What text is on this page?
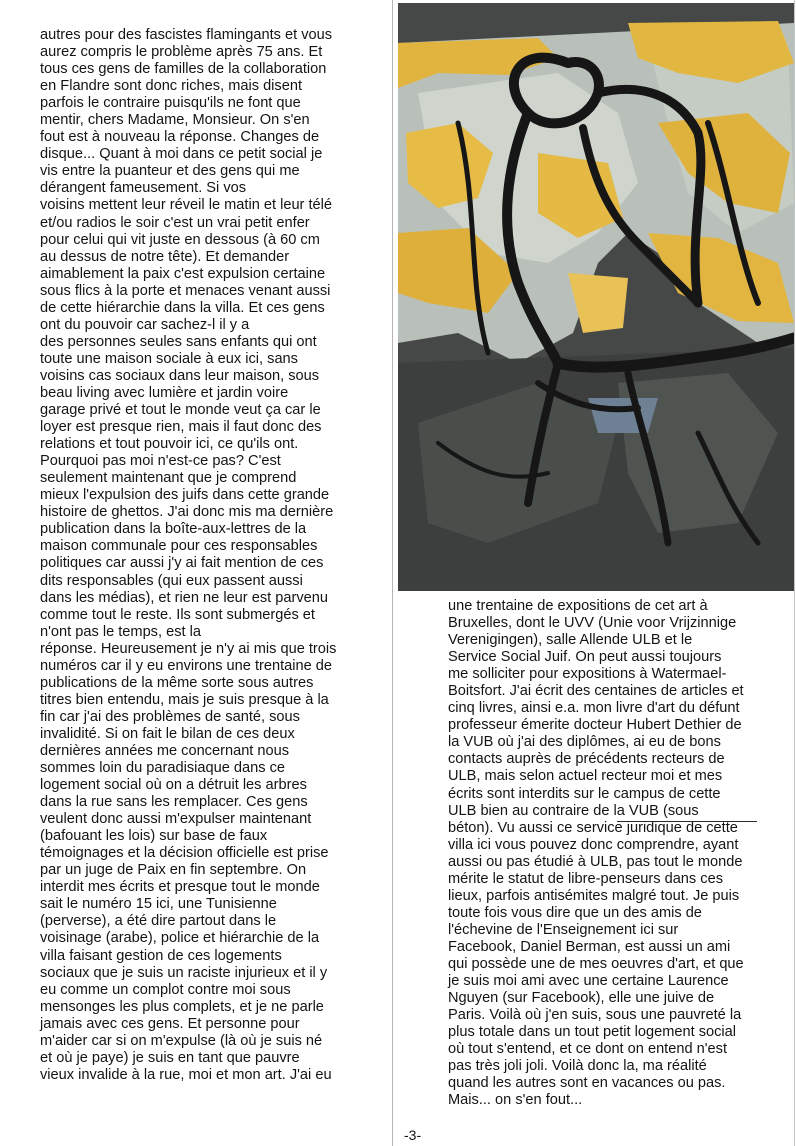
autres pour des fascistes flamingants et vous
aurez compris le problème après 75 ans. Et
tous ces gens de familles de la collaboration
en Flandre sont donc riches, mais disent
parfois le contraire puisqu'ils ne font que
mentir, chers Madame, Monsieur. On s'en
fout est à nouveau la réponse. Changes de
disque... Quant à moi dans ce petit social je
vis entre la puanteur et des gens qui me
dérangent fameusement. Si vos
voisins mettent leur réveil le matin et leur télé
et/ou radios le soir c'est un vrai petit enfer
pour celui qui vit juste en dessous (à 60 cm
au dessus de notre tête). Et demander
aimablement la paix c'est expulsion certaine
sous flics à la porte et menaces venant aussi
de cette hiérarchie dans la villa. Et ces gens
ont du pouvoir car sachez-l il y a
des personnes seules sans enfants qui ont
toute une maison sociale à eux ici, sans
voisins cas sociaux dans leur maison, sous
beau living avec lumière et jardin voire
garage privé et tout le monde veut ça car le
loyer est presque rien, mais il faut donc des
relations et tout pouvoir ici, ce qu'ils ont.
Pourquoi pas moi n'est-ce pas? C'est
seulement maintenant que je comprend
mieux l'expulsion des juifs dans cette grande
histoire de ghettos. J'ai donc mis ma dernière
publication dans la boîte-aux-lettres de la
maison communale pour ces responsables
politiques car aussi j'y ai fait mention de ces
dits responsables (qui eux passent aussi
dans les médias), et rien ne leur est parvenu
comme tout le reste. Ils sont submergés et
n'ont pas le temps, est la
réponse. Heureusement je n'y ai mis que trois
numéros car il y eu environs une trentaine de
publications de la même sorte sous autres
titres bien entendu, mais je suis presque à la
fin car j'ai des problèmes de santé, sous
invalidité. Si on fait le bilan de ces deux
dernières années me concernant nous
sommes loin du paradisiaque dans ce
logement social où on a détruit les arbres
dans la rue sans les remplacer. Ces gens
veulent donc aussi m'expulser maintenant
(bafouant les lois) sur base de faux
témoignages et la décision officielle est prise
par un juge de Paix en fin septembre. On
interdit mes écrits et presque tout le monde
sait le numéro 15 ici, une Tunisienne
(perverse), a été dire partout dans le
voisinage (arabe), police et hiérarchie de la
villa faisant gestion de ces logements
sociaux que je suis un raciste injurieux et il y
eu comme un complot contre moi sous
mensonges les plus complets, et je ne parle
jamais avec ces gens. Et personne pour
m'aider car si on m'expulse (là où je suis né
et où je paye) je suis en tant que pauvre
vieux invalide à la rue, moi et mon art. J'ai eu
une trentaine de expositions de cet art à
Bruxelles, dont le UVV (Unie voor Vrijzinnige
Verenigingen), salle Allende ULB et le
Service Social Juif. On peut aussi toujours
me solliciter pour expositions à Watermael-
Boitsfort. J'ai écrit des centaines de articles et
cinq livres, ainsi e.a. mon livre d'art du défunt
professeur émerite docteur Hubert Dethier de
la VUB où j'ai des diplômes, ai eu de bons
contacts auprès de précédents recteurs de
ULB, mais selon actuel recteur moi et mes
écrits sont interdits sur le campus de cette
ULB bien au contraire de la VUB (sous
béton). Vu aussi ce service juridique de cette
villa ici vous pouvez donc comprendre, ayant
aussi ou pas étudié à ULB, pas tout le monde
mérite le statut de libre-penseurs dans ces
lieux, parfois antisémites malgré tout. Je puis
toute fois vous dire que un des amis de
l'échevine de l'Enseignement ici sur
Facebook, Daniel Berman, est aussi un ami
qui possède une de mes oeuvres d'art, et que
je suis moi ami avec une certaine Laurence
Nguyen (sur Facebook), elle une juive de
Paris. Voilà où j'en suis, sous une pauvreté la
plus totale dans un tout petit logement social
où tout s'entend, et ce dont on entend n'est
pas très joli joli. Voilà donc la, ma réalité
quand les autres sont en vacances ou pas.
Mais... on s'en fout...
-3-
